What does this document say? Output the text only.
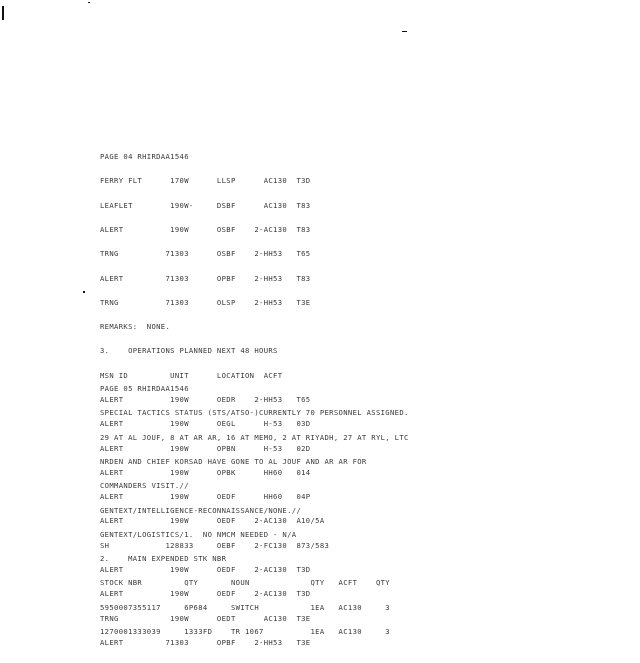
PAGE 04 RHIRDAA1546

FERRY FLT      170W      LLSP      AC130  T3D

LEAFLET        190W-     DSBF      AC130  T83

ALERT          190W      OSBF    2-AC130  T83

TRNG          71303      OSBF    2-HH53   T65

ALERT         71303      OPBF    2-HH53   T83

TRNG          71303      OLSP    2-HH53   T3E

REMARKS:  NONE.

3.    OPERATIONS PLANNED NEXT 48 HOURS

MSN ID         UNIT      LOCATION  ACFT

ALERT          190W      OEDR    2-HH53   T65

ALERT          190W      OEGL      H-53   03D

ALERT          190W      OPBN      H-53   02D

ALERT          190W      OPBK      HH60   014

ALERT          190W      OEDF      HH60   04P

ALERT          190W      OEDF    2-AC130  A10/5A

SH            128833     OEBF    2-FC130  873/583

ALERT          190W      OEDF    2-AC130  T3D

ALERT          190W      OEDF    2-AC130  T3D

TRNG           190W      OEDT      AC130  T3E

ALERT         71303      OPBF    2-HH53   T3E

PAGE 05 RHIRDAA1546

SPECIAL TACTICS STATUS (STS/ATSO-)CURRENTLY 70 PERSONNEL ASSIGNED.

29 AT AL JOUF, 8 AT AR AR, 16 AT MEMO, 2 AT RIYADH, 27 AT RYL, LTC

NRDEN AND CHIEF KORSAD HAVE GONE TO AL JOUF AND AR AR FOR

COMMANDERS VISIT.//

GENTEXT/INTELLIGENCE-RECONNAISSANCE/NONE.//

GENTEXT/LOGISTICS/1.  NO NMCM NEEDED - N/A

2.    MAIN EXPENDED STK NBR

STOCK NBR         QTY       NOUN             QTY   ACFT    QTY

5950007355117     6P684     SWITCH           1EA   AC130     3

1270001333039     1333FD    TR 1067          1EA   AC130     3
